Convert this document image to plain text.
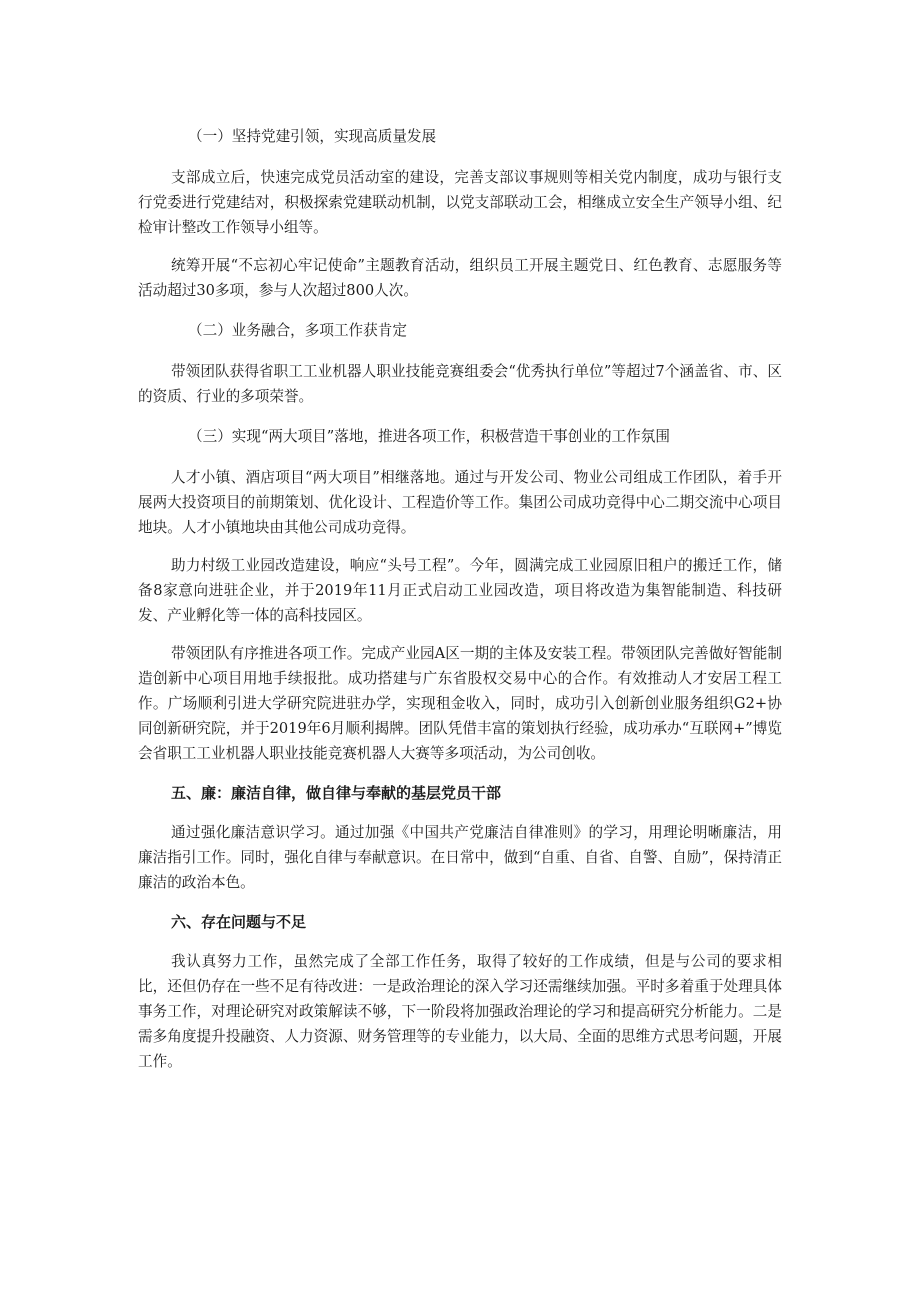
（一）坚持党建引领，实现高质量发展

支部成立后，快速完成党员活动室的建设，完善支部议事规则等相关党内制度，成功与银行支行党委进行党建结对，积极探索党建联动机制，以党支部联动工会，相继成立安全生产领导小组、纪检审计整改工作领导小组等。

统筹开展“不忘初心牢记使命”主题教育活动，组织员工开展主题党日、红色教育、志愿服务等活动超过30多项，参与人次超过800人次。

（二）业务融合，多项工作获肯定

带领团队获得省职工工业机器人职业技能竞赛组委会“优秀执行单位”等超过7个涵盖省、市、区的资质、行业的多项荣誉。

（三）实现“两大项目”落地，推进各项工作，积极营造干事创业的工作氛围

人才小镇、酒店项目“两大项目”相继落地。通过与开发公司、物业公司组成工作团队，着手开展两大投资项目的前期策划、优化设计、工程造价等工作。集团公司成功竞得中心二期交流中心项目地块。人才小镇地块由其他公司成功竞得。

助力村级工业园改造建设，响应“头号工程”。今年，圆满完成工业园原旧租户的搬迁工作，储备8家意向进驻企业，并于2019年11月正式启动工业园改造，项目将改造为集智能制造、科技研发、产业孵化等一体的高科技园区。

带领团队有序推进各项工作。完成产业园A区一期的主体及安装工程。带领团队完善做好智能制造创新中心项目用地手续报批。成功搭建与广东省股权交易中心的合作。有效推动人才安居工程工作。广场顺利引进大学研究院进驻办学，实现租金收入，同时，成功引入创新创业服务组织G2+协同创新研究院，并于2019年6月顺利揭牌。团队凭借丰富的策划执行经验，成功承办“互联网+”博览会省职工工业机器人职业技能竞赛机器人大赛等多项活动，为公司创收。

五、廉：廉洁自律，做自律与奉献的基层党员干部

通过强化廉洁意识学习。通过加强《中国共产党廉洁自律准则》的学习，用理论明晰廉洁，用廉洁指引工作。同时，强化自律与奉献意识。在日常中，做到“自重、自省、自警、自励”，保持清正廉洁的政治本色。

六、存在问题与不足

我认真努力工作，虽然完成了全部工作任务，取得了较好的工作成绩，但是与公司的要求相比，还但仍存在一些不足有待改进：一是政治理论的深入学习还需继续加强。平时多着重于处理具体事务工作，对理论研究对政策解读不够，下一阶段将加强政治理论的学习和提高研究分析能力。二是需多角度提升投融资、人力资源、财务管理等的专业能力，以大局、全面的思维方式思考问题，开展工作。
